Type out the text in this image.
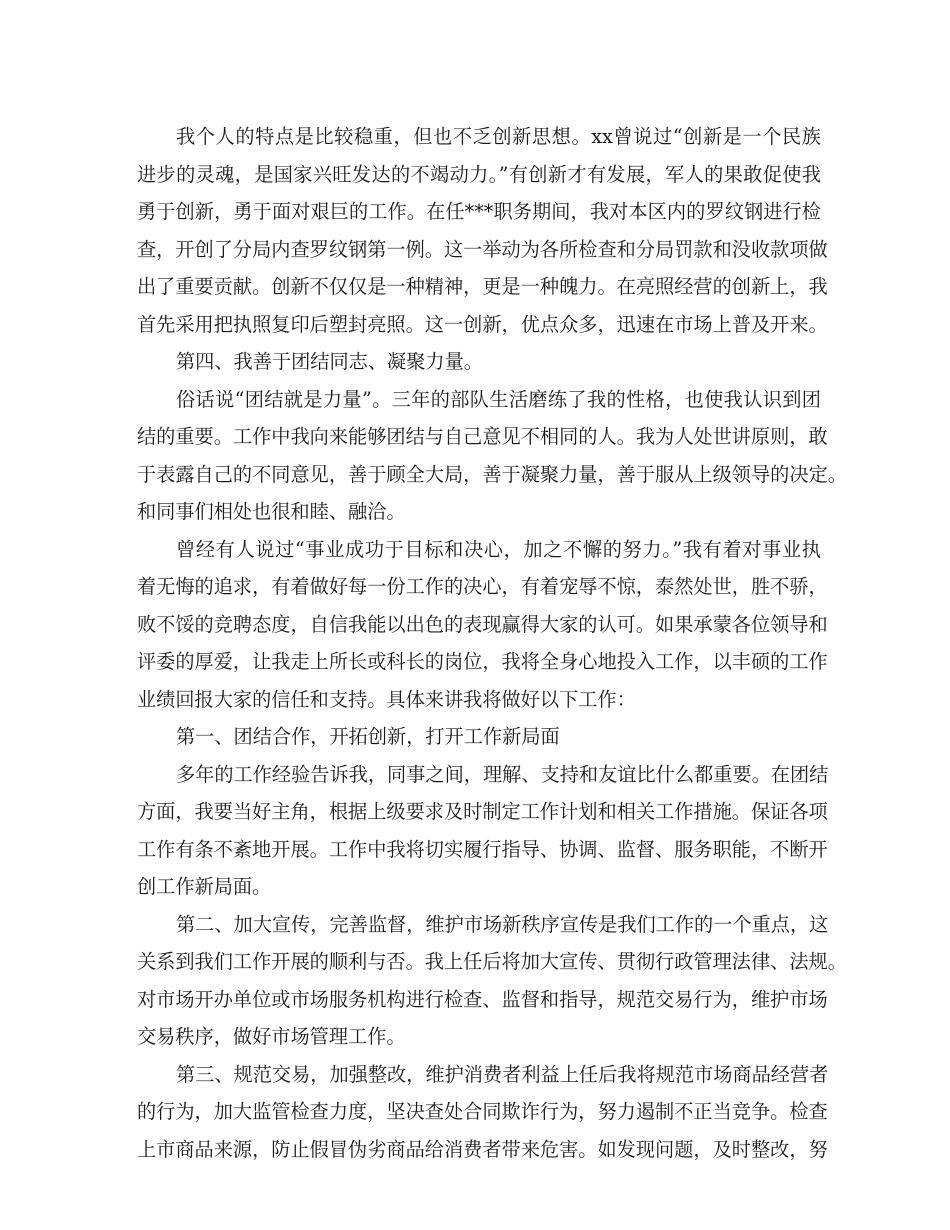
我个人的特点是比较稳重，但也不乏创新思想。xx曾说过“创新是一个民族
进步的灵魂，是国家兴旺发达的不竭动力。”有创新才有发展，军人的果敢促使我
勇于创新，勇于面对艰巨的工作。在任***职务期间，我对本区内的罗纹钢进行检
查，开创了分局内查罗纹钢第一例。这一举动为各所检查和分局罚款和没收款项做
出了重要贡献。创新不仅仅是一种精神，更是一种魄力。在亮照经营的创新上，我
首先采用把执照复印后塑封亮照。这一创新，优点众多，迅速在市场上普及开来。
第四、我善于团结同志、凝聚力量。
俗话说“团结就是力量”。三年的部队生活磨练了我的性格，也使我认识到团
结的重要。工作中我向来能够团结与自己意见不相同的人。我为人处世讲原则，敢
于表露自己的不同意见，善于顾全大局，善于凝聚力量，善于服从上级领导的决定。
和同事们相处也很和睦、融洽。
曾经有人说过“事业成功于目标和决心，加之不懈的努力。”我有着对事业执
着无悔的追求，有着做好每一份工作的决心，有着宠辱不惊，泰然处世，胜不骄，
败不馁的竞聘态度，自信我能以出色的表现赢得大家的认可。如果承蒙各位领导和
评委的厚爱，让我走上所长或科长的岗位，我将全身心地投入工作，以丰硕的工作
业绩回报大家的信任和支持。具体来讲我将做好以下工作：
第一、团结合作，开拓创新，打开工作新局面
多年的工作经验告诉我，同事之间，理解、支持和友谊比什么都重要。在团结
方面，我要当好主角，根据上级要求及时制定工作计划和相关工作措施。保证各项
工作有条不紊地开展。工作中我将切实履行指导、协调、监督、服务职能，不断开
创工作新局面。
第二、加大宣传，完善监督，维护市场新秩序宣传是我们工作的一个重点，这
关系到我们工作开展的顺利与否。我上任后将加大宣传、贯彻行政管理法律、法规。
对市场开办单位或市场服务机构进行检查、监督和指导，规范交易行为，维护市场
交易秩序，做好市场管理工作。
第三、规范交易，加强整改，维护消费者利益上任后我将规范市场商品经营者
的行为，加大监管检查力度，坚决查处合同欺诈行为，努力遏制不正当竞争。检查
上市商品来源，防止假冒伪劣商品给消费者带来危害。如发现问题，及时整改，努
